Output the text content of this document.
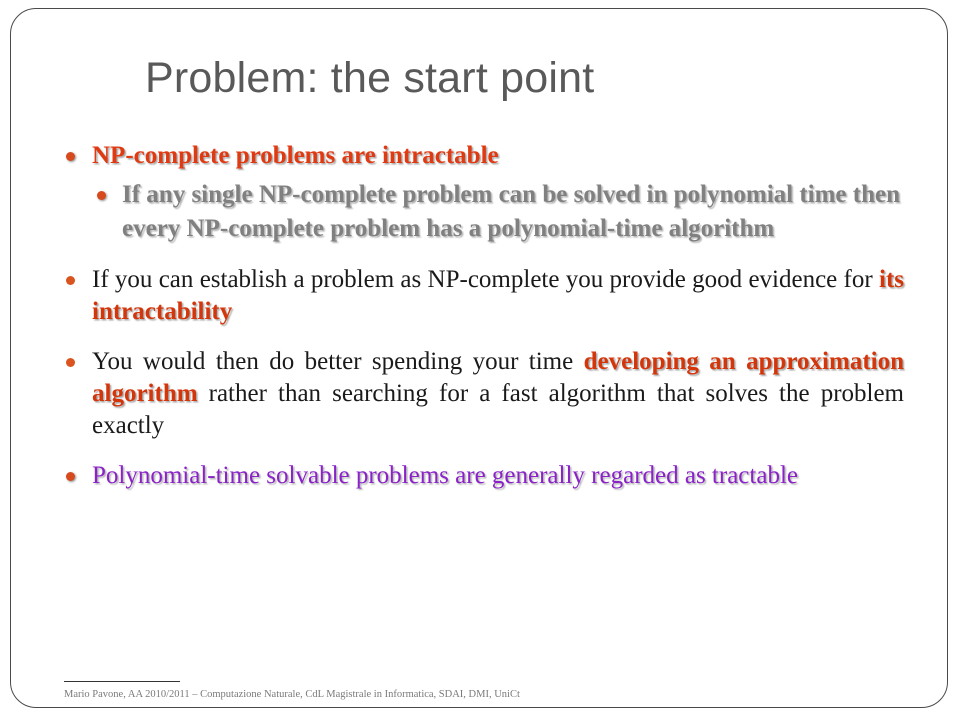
Problem: the start point
NP-complete problems are intractable
If any single NP-complete problem can be solved in polynomial time then every NP-complete problem has a polynomial-time algorithm
If you can establish a problem as NP-complete you provide good evidence for its intractability
You would then do better spending your time developing an approximation algorithm rather than searching for a fast algorithm that solves the problem exactly
Polynomial-time solvable problems are generally regarded as tractable
Mario Pavone, AA 2010/2011 – Computazione Naturale, CdL Magistrale in Informatica, SDAI, DMI, UniCt
